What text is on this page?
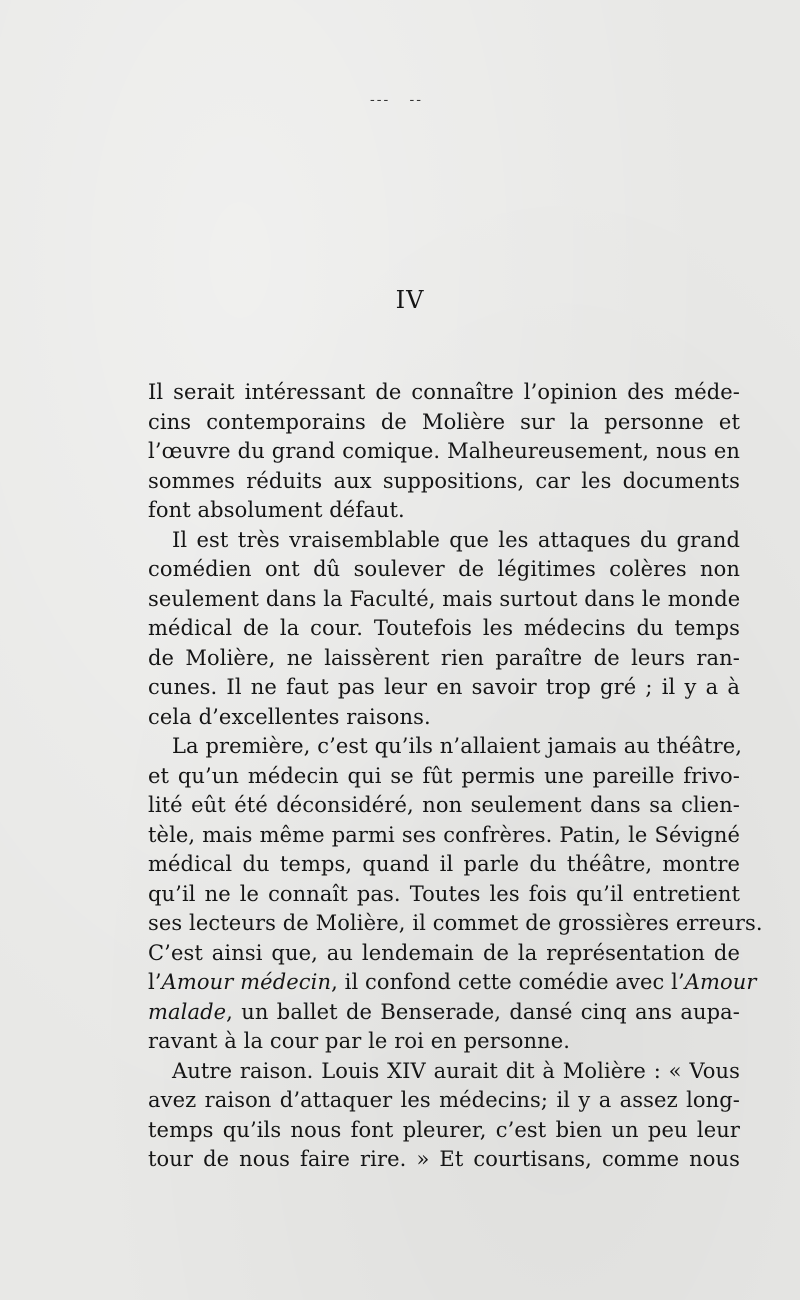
---   --
IV
Il serait intéressant de connaître l’opinion des méde-
cins contemporains de Molière sur la personne et
l’œuvre du grand comique. Malheureusement, nous en
sommes réduits aux suppositions, car les documents
font absolument défaut.
Il est très vraisemblable que les attaques du grand
comédien ont dû soulever de légitimes colères non
seulement dans la Faculté, mais surtout dans le monde
médical de la cour. Toutefois les médecins du temps
de Molière, ne laissèrent rien paraître de leurs ran-
cunes. Il ne faut pas leur en savoir trop gré ; il y a à
cela d’excellentes raisons.
La première, c’est qu’ils n’allaient jamais au théâtre,
et qu’un médecin qui se fût permis une pareille frivo-
lité eût été déconsidéré, non seulement dans sa clien-
tèle, mais même parmi ses confrères. Patin, le Sévigné
médical du temps, quand il parle du théâtre, montre
qu’il ne le connaît pas. Toutes les fois qu’il entretient
ses lecteurs de Molière, il commet de grossières erreurs.
C’est ainsi que, au lendemain de la représentation de
l’Amour médecin, il confond cette comédie avec l’Amour
malade, un ballet de Benserade, dansé cinq ans aupa-
ravant à la cour par le roi en personne.
Autre raison. Louis XIV aurait dit à Molière : « Vous
avez raison d’attaquer les médecins; il y a assez long-
temps qu’ils nous font pleurer, c’est bien un peu leur
tour de nous faire rire. » Et courtisans, comme nous
